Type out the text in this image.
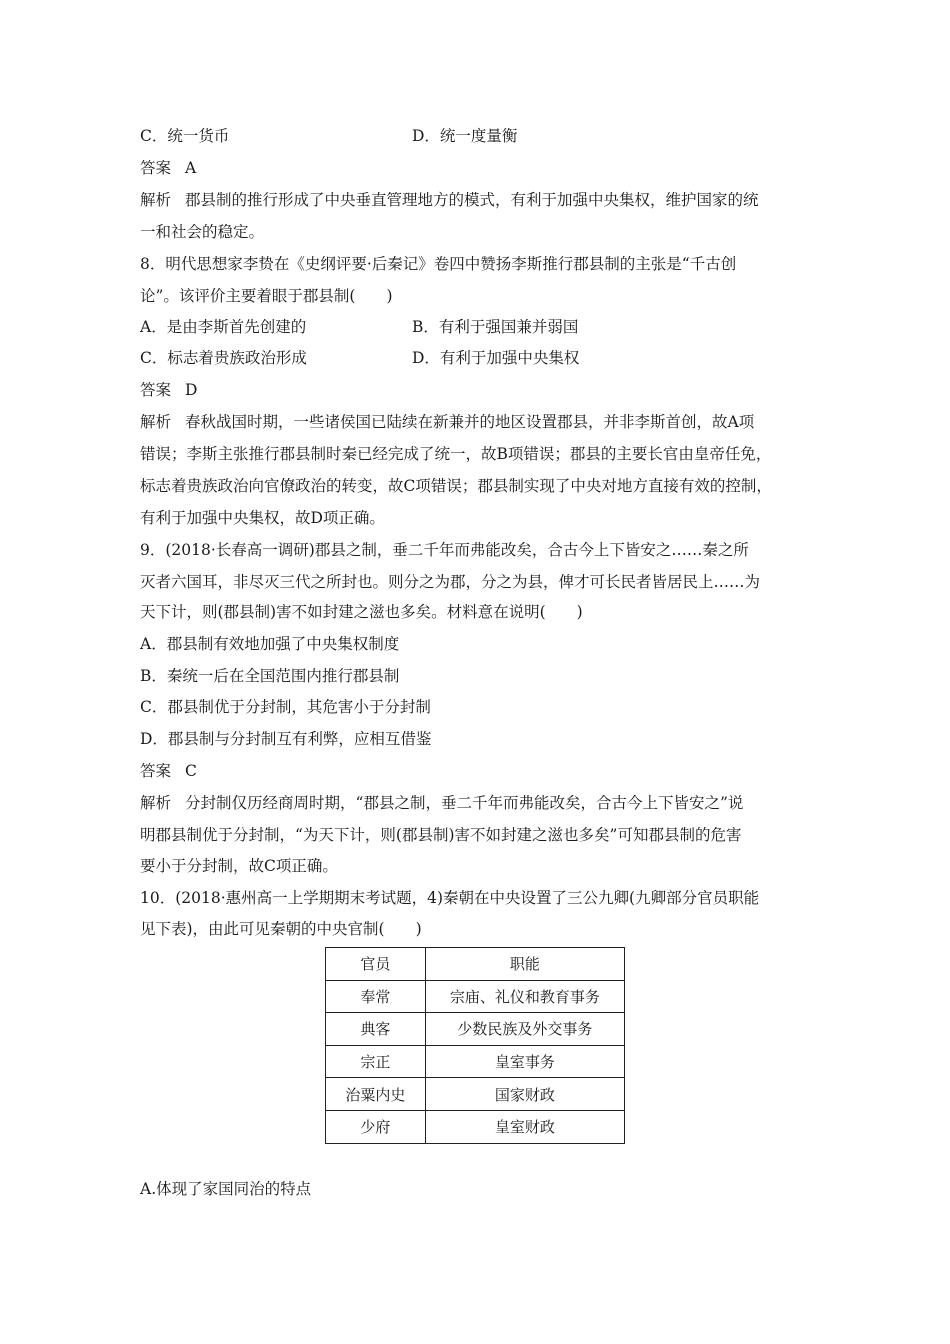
C．统一货币	D．统一度量衡
答案 A
解析 郡县制的推行形成了中央垂直管理地方的模式，有利于加强中央集权，维护国家的统
一和社会的稳定。
8．明代思想家李贽在《史纲评要·后秦记》卷四中赞扬李斯推行郡县制的主张是“千古创
论”。该评价主要着眼于郡县制(　　)
A．是由李斯首先创建的	B．有利于强国兼并弱国
C．标志着贵族政治形成	D．有利于加强中央集权
答案 D
解析 春秋战国时期，一些诸侯国已陆续在新兼并的地区设置郡县，并非李斯首创，故A项
错误；李斯主张推行郡县制时秦已经完成了统一，故B项错误；郡县的主要长官由皇帝任免，
标志着贵族政治向官僚政治的转变，故C项错误；郡县制实现了中央对地方直接有效的控制，
有利于加强中央集权，故D项正确。
9．(2018·长春高一调研)郡县之制，垂二千年而弗能改矣，合古今上下皆安之……秦之所
灭者六国耳，非尽灭三代之所封也。则分之为郡，分之为县，俾才可长民者皆居民上……为
天下计，则(郡县制)害不如封建之滋也多矣。材料意在说明(　　)
A．郡县制有效地加强了中央集权制度
B．秦统一后在全国范围内推行郡县制
C．郡县制优于分封制，其危害小于分封制
D．郡县制与分封制互有利弊，应相互借鉴
答案 C
解析 分封制仅历经商周时期，“郡县之制，垂二千年而弗能改矣，合古今上下皆安之”说
明郡县制优于分封制，“为天下计，则(郡县制)害不如封建之滋也多矣”可知郡县制的危害
要小于分封制，故C项正确。
10．(2018·惠州高一上学期期末考试题，4)秦朝在中央设置了三公九卿(九卿部分官员职能
见下表)，由此可见秦朝的中央官制(　　)
官员	职能
奉常	宗庙、礼仪和教育事务
典客	少数民族及外交事务
宗正	皇室事务
治粟内史	国家财政
少府	皇室财政
A.体现了家国同治的特点
